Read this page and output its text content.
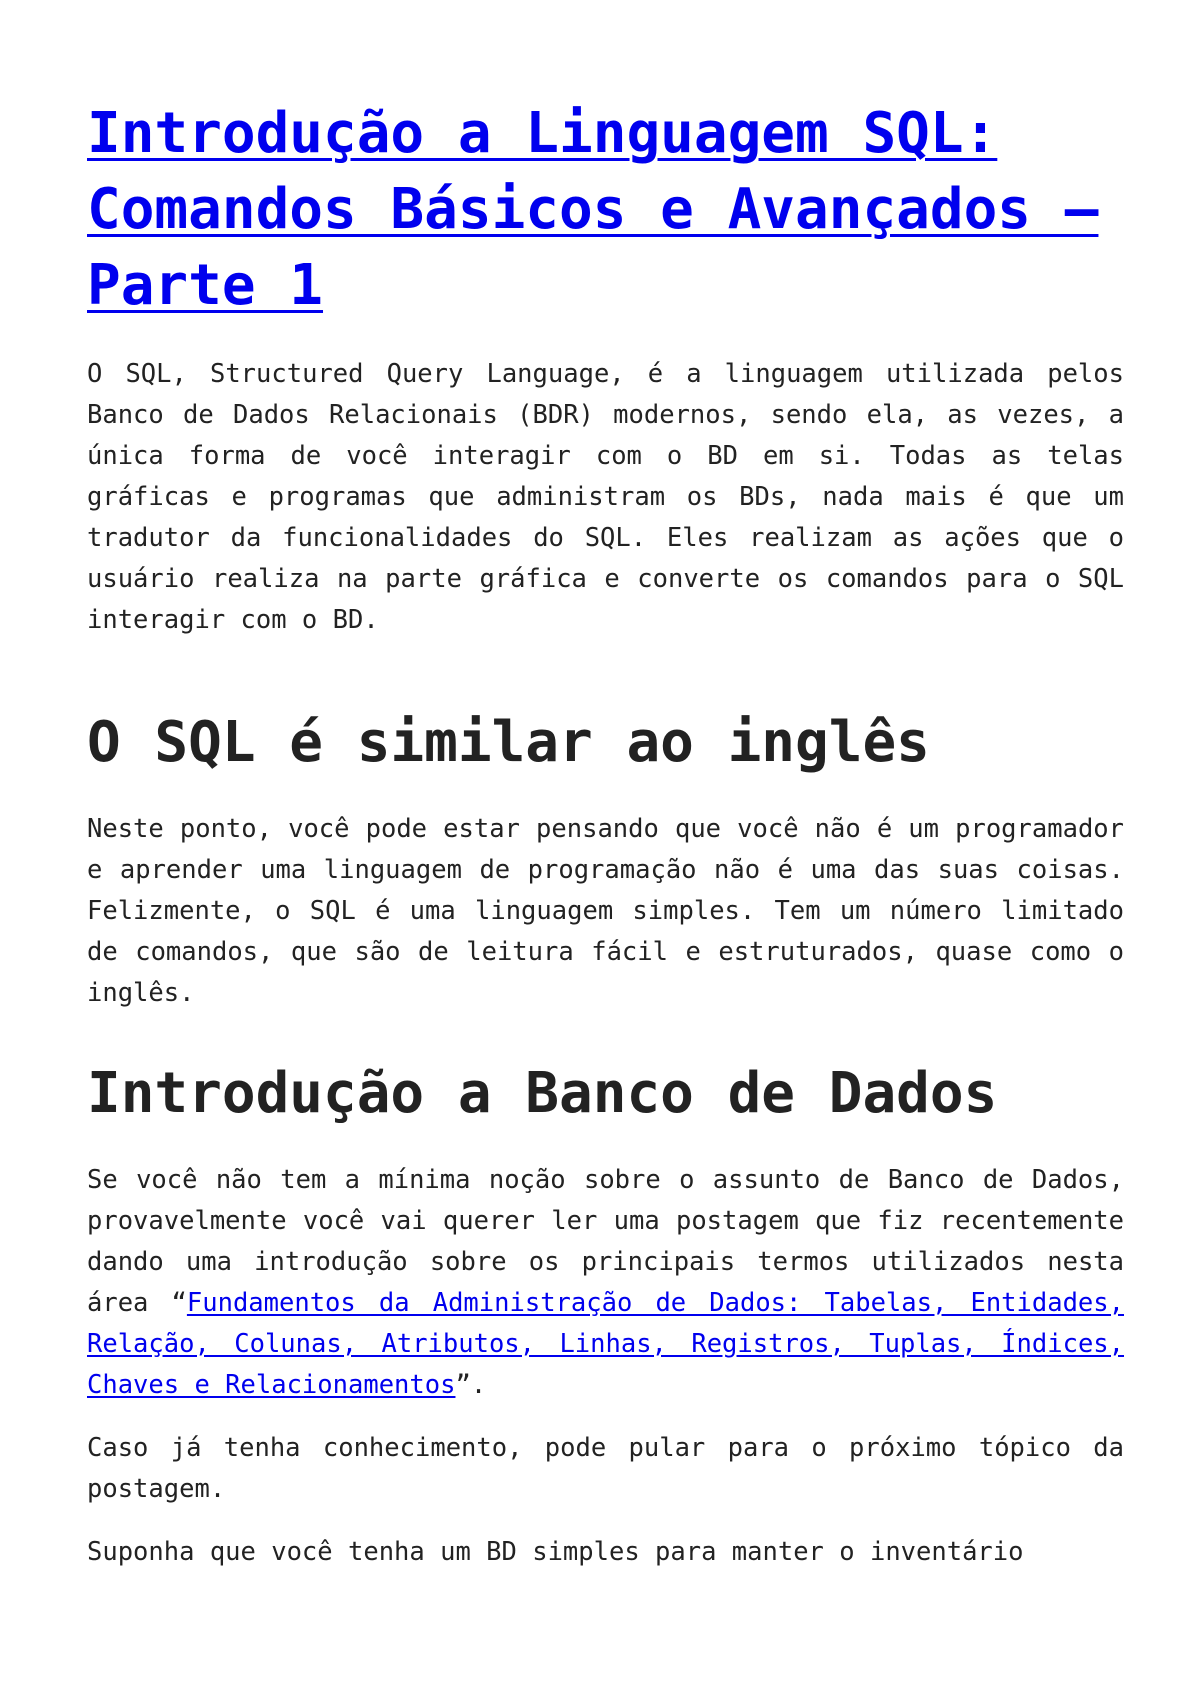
Introdução a Linguagem SQL: Comandos Básicos e Avançados – Parte 1

O SQL, Structured Query Language, é a linguagem utilizada pelos Banco de Dados Relacionais (BDR) modernos, sendo ela, as vezes, a única forma de você interagir com o BD em si. Todas as telas gráficas e programas que administram os BDs, nada mais é que um tradutor da funcionalidades do SQL. Eles realizam as ações que o usuário realiza na parte gráfica e converte os comandos para o SQL interagir com o BD.

O SQL é similar ao inglês

Neste ponto, você pode estar pensando que você não é um programador e aprender uma linguagem de programação não é uma das suas coisas. Felizmente, o SQL é uma linguagem simples. Tem um número limitado de comandos, que são de leitura fácil e estruturados, quase como o inglês.

Introdução a Banco de Dados

Se você não tem a mínima noção sobre o assunto de Banco de Dados, provavelmente você vai querer ler uma postagem que fiz recentemente dando uma introdução sobre os principais termos utilizados nesta área “Fundamentos da Administração de Dados: Tabelas, Entidades, Relação, Colunas, Atributos, Linhas, Registros, Tuplas, Índices, Chaves e Relacionamentos”.

Caso já tenha conhecimento, pode pular para o próximo tópico da postagem.

Suponha que você tenha um BD simples para manter o inventário
